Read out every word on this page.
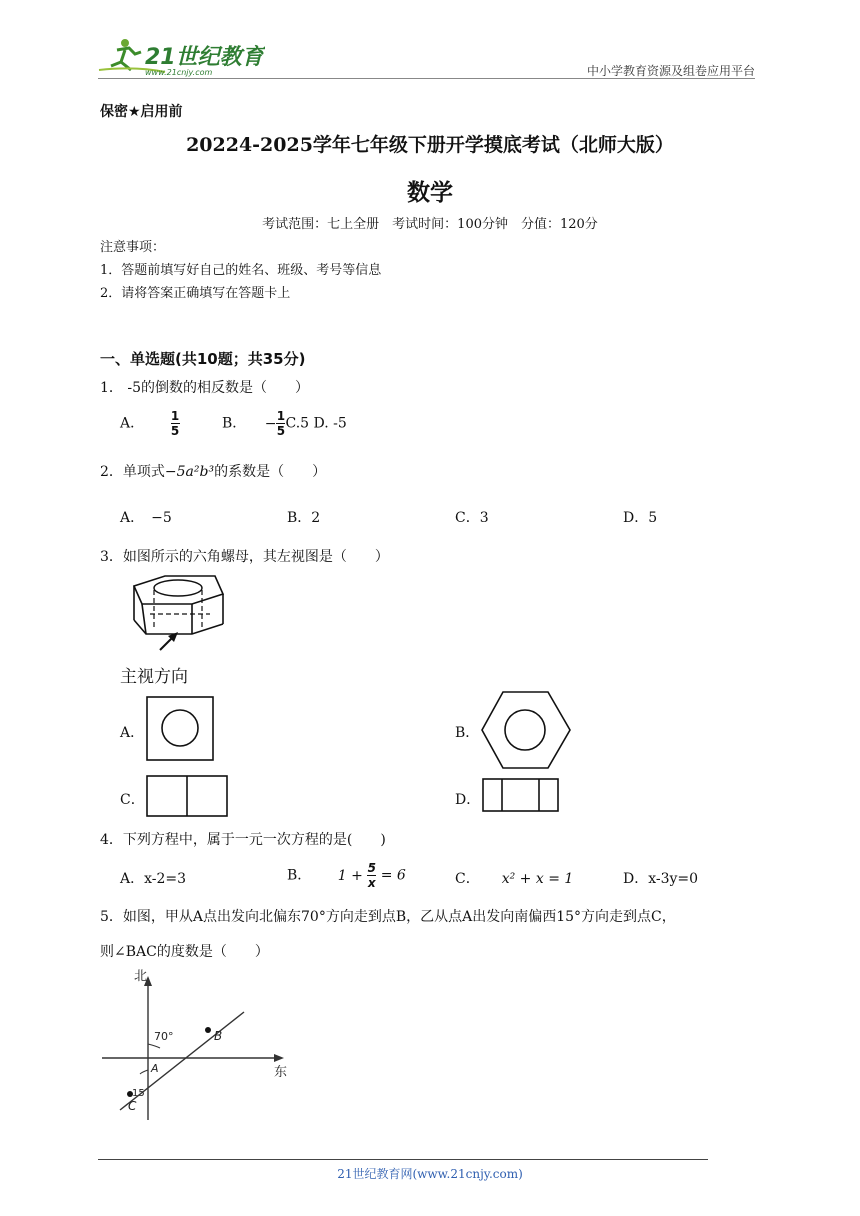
21世纪教育
www.21cnjy.com	中小学教育资源及组卷应用平台
保密★启用前
20224-2025学年七年级下册开学摸底考试（北师大版）
数学
考试范围：七上全册　考试时间：100分钟　分值：120分
注意事项：
1．答题前填写好自己的姓名、班级、考号等信息
2．请将答案正确填写在答题卡上
一、单选题(共10题；共35分)
1． -5的倒数的相反数是（　　）
A． $\frac{1}{5}$	B． − $\frac{1}{5} C.5$ D. -5
2．单项式−5a²b³的系数是（　　）
A．　−5	B．2	C．3	D．5
3．如图所示的六角螺母，其左视图是（　　）
主视方向
A．	B．
C．	D．
4．下列方程中，属于一元一次方程的是(　　)
A．x-2=3	B． $1 + \frac{5}{x} = 6$	C． x² + x = 1	D．x-3y=0
5．如图，甲从A点出发向北偏东70°方向走到点B，乙从点A出发向南偏西15°方向走到点C，
则∠BAC的度数是（　　）
北
东
70°
15
A
B
C
21世纪教育网(www.21cnjy.com)
